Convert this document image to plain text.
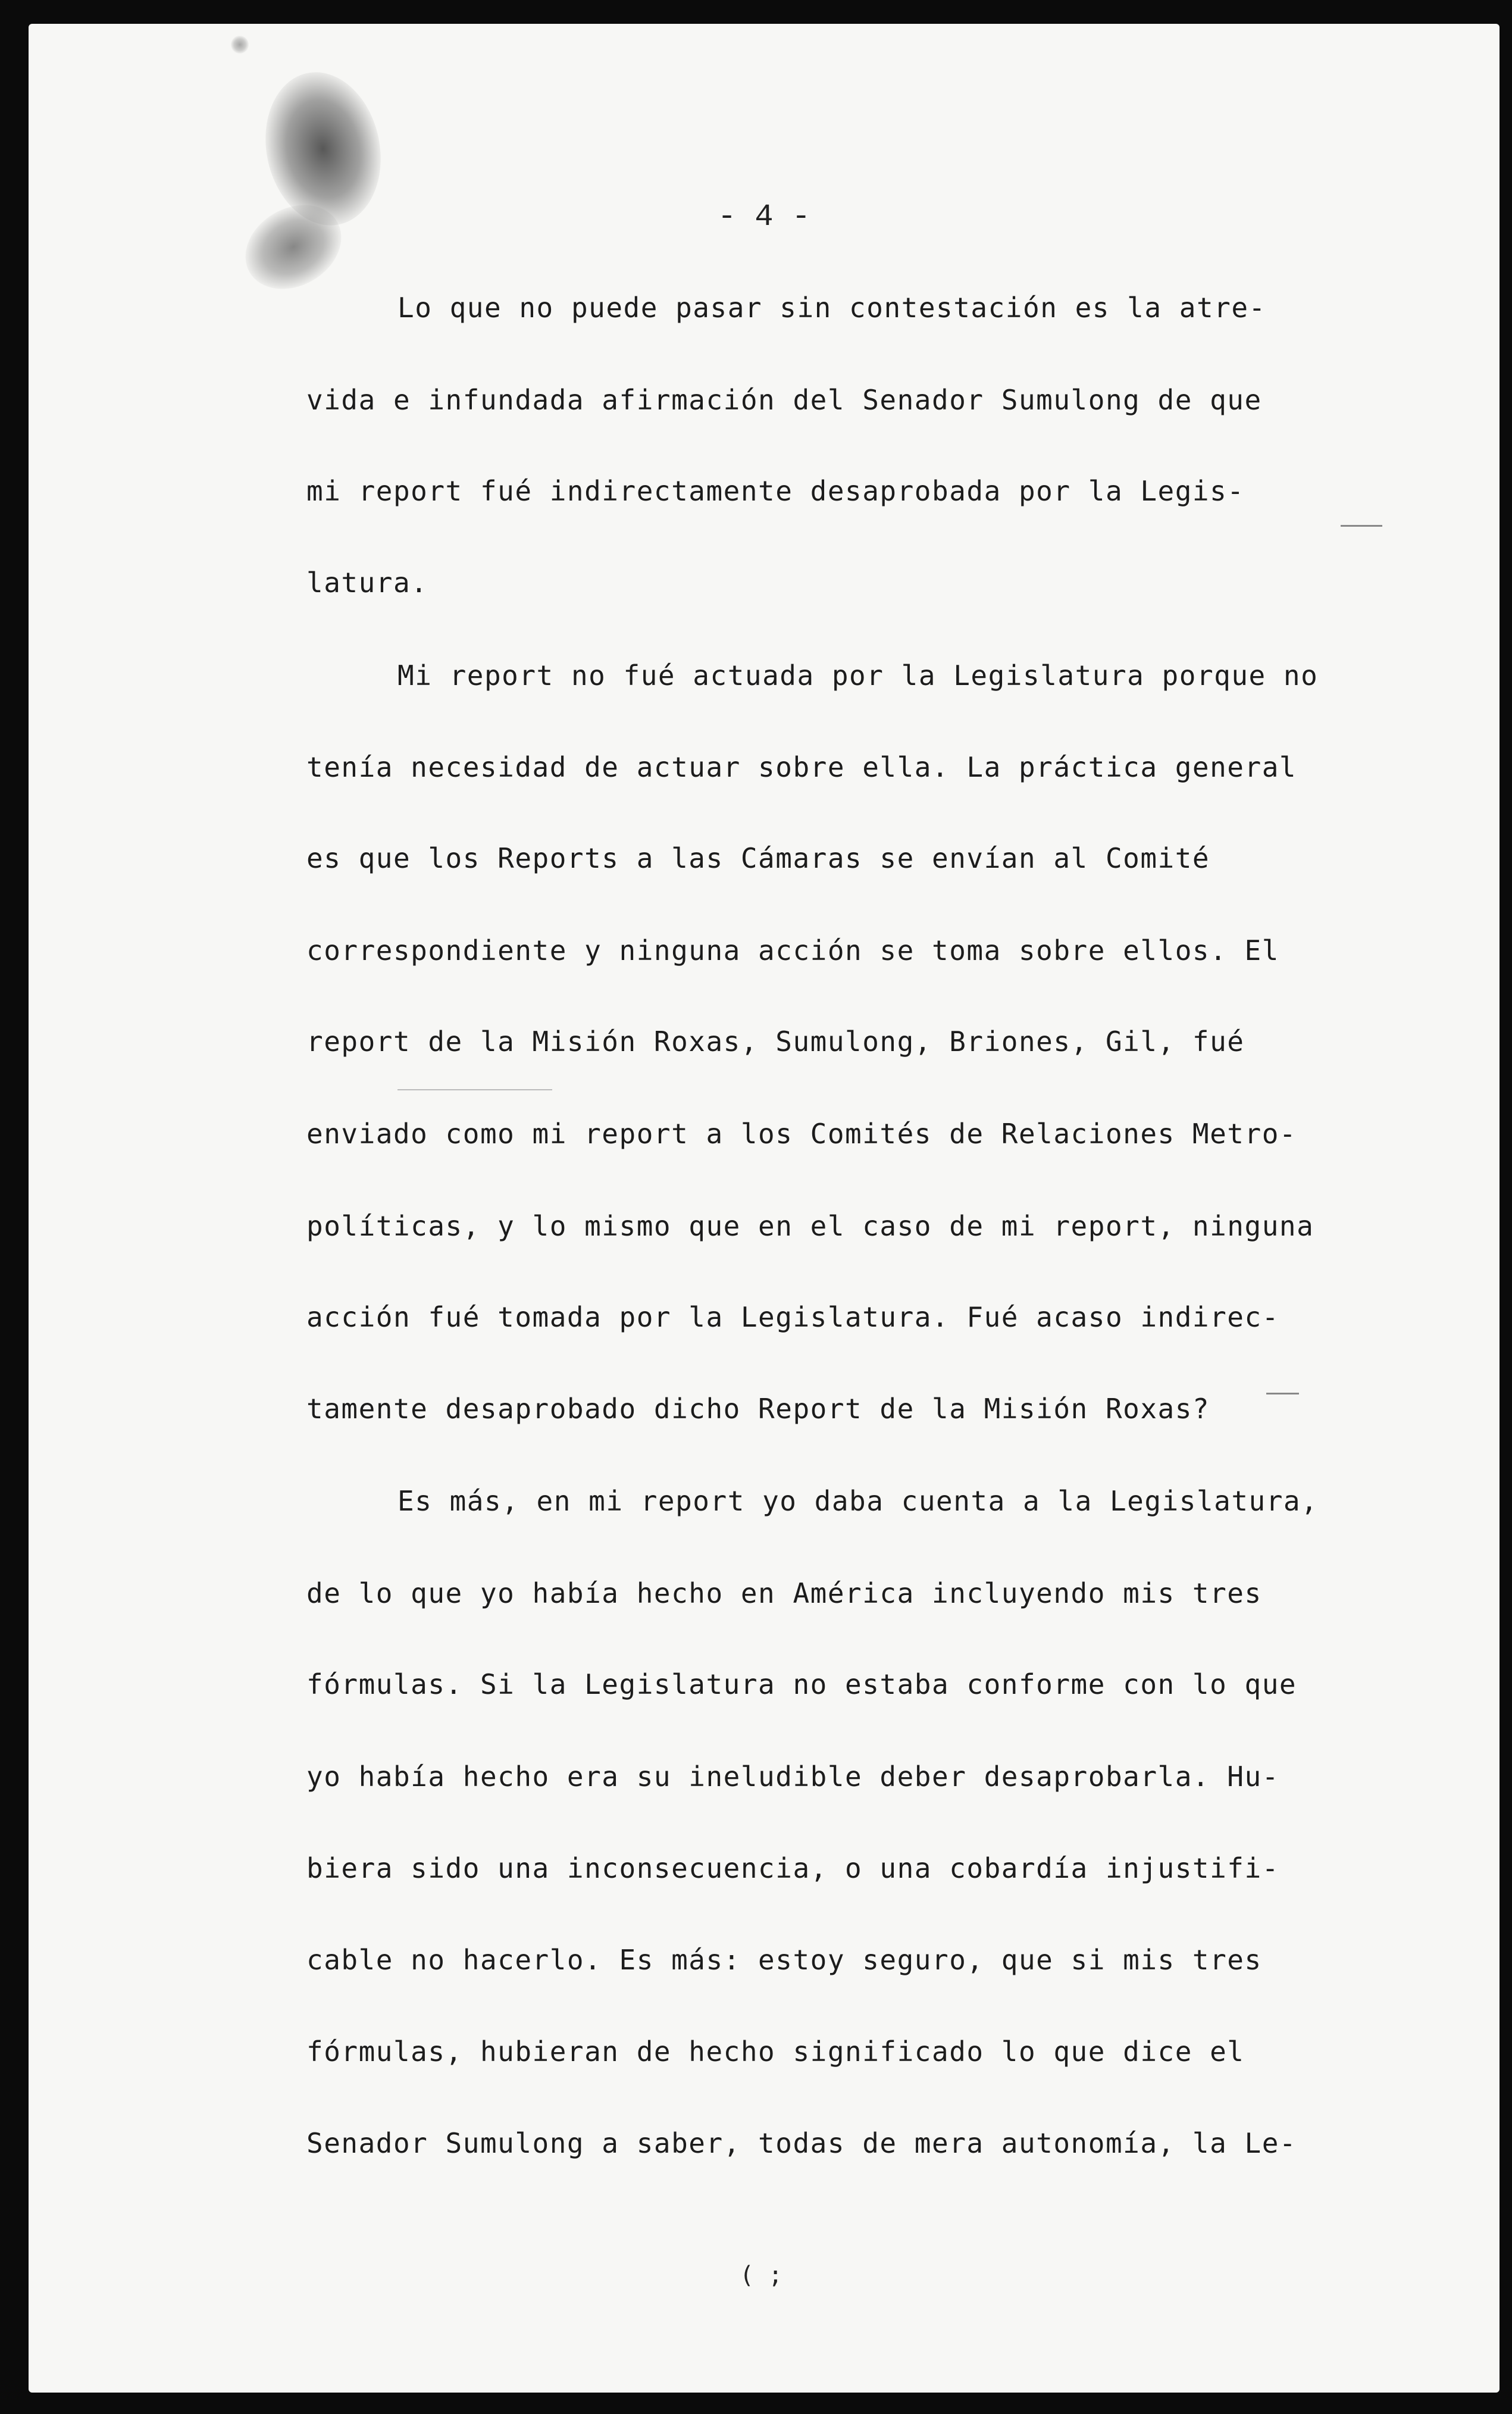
- 4 -
Lo que no puede pasar sin contestación es la atre-
vida e infundada afirmación del Senador Sumulong de que
mi report fué indirectamente desaprobada por la Legis-
latura.
Mi report no fué actuada por la Legislatura porque no
tenía necesidad de actuar sobre ella. La práctica general
es que los Reports a las Cámaras se envían al Comité
correspondiente y ninguna acción se toma sobre ellos. El
report de la Misión Roxas, Sumulong, Briones, Gil, fué
enviado como mi report a los Comités de Relaciones Metro-
políticas, y lo mismo que en el caso de mi report, ninguna
acción fué tomada por la Legislatura. Fué acaso indirec-
tamente desaprobado dicho Report de la Misión Roxas?
Es más, en mi report yo daba cuenta a la Legislatura,
de lo que yo había hecho en América incluyendo mis tres
fórmulas. Si la Legislatura no estaba conforme con lo que
yo había hecho era su ineludible deber desaprobarla. Hu-
biera sido una inconsecuencia, o una cobardía injustifi-
cable no hacerlo. Es más: estoy seguro, que si mis tres
fórmulas, hubieran de hecho significado lo que dice el
Senador Sumulong a saber, todas de mera autonomía, la Le-
( ;
